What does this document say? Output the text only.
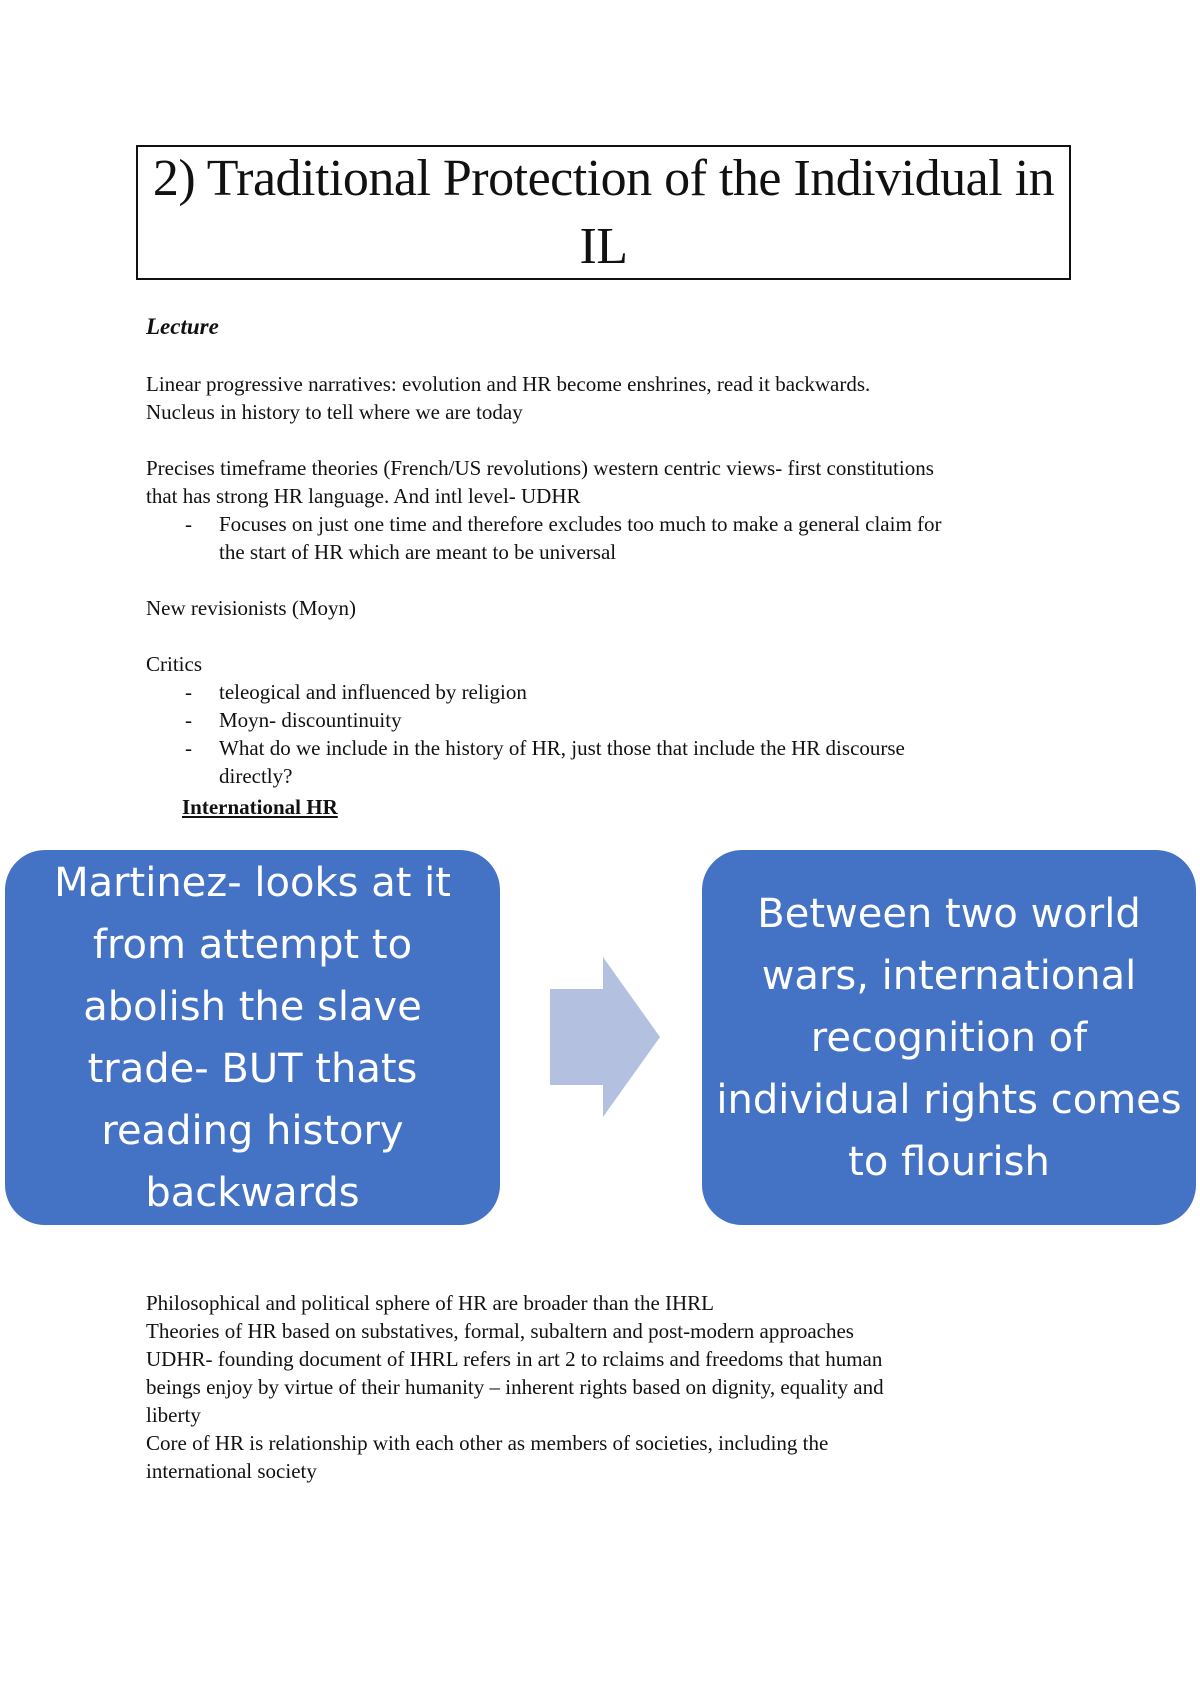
2) Traditional Protection of the Individual in IL
Lecture

Linear progressive narratives: evolution and HR become enshrines, read it backwards.

Nucleus in history to tell where we are today

Precises timeframe theories (French/US revolutions) western centric views- first constitutions

that has strong HR language. And intl level- UDHR

- Focuses on just one time and therefore excludes too much to make a general claim for
the start of HR which are meant to be universal

New revisionists (Moyn)

Critics

- teleogical and influenced by religion
- Moyn- discountinuity
- What do we include in the history of HR, just those that include the HR discourse directly?
International HR
Martinez- looks at it from attempt to abolish the slave trade- BUT thats reading history backwards
Between two world wars, international recognition of individual rights comes to flourish

Philosophical and political sphere of HR are broader than the IHRL

Theories of HR based on substatives, formal, subaltern and post-modern approaches

UDHR- founding document of IHRL refers in art 2 to rclaims and freedoms that human

beings enjoy by virtue of their humanity – inherent rights based on dignity, equality and

liberty

Core of HR is relationship with each other as members of societies, including the

international society
